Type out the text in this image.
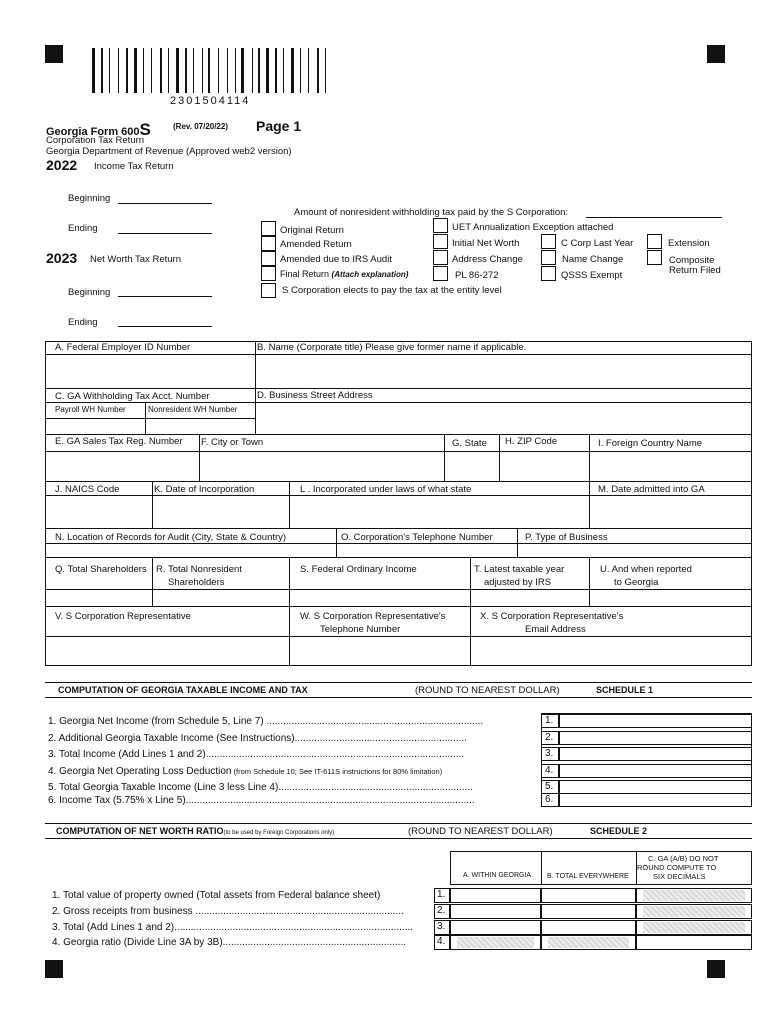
2301504114
Georgia Form 600S	(Rev. 07/20/22) Page 1
Corporation Tax Return
Georgia Department of Revenue (Approved web2 version)
2022 Income Tax Return
Beginning
Ending
2023 Net Worth Tax Return
Beginning
Ending
Amount of nonresident withholding tax paid by the S Corporation:
Original Return
Amended Return
Amended due to IRS Audit
Final Return (Attach explanation)
S Corporation elects to pay the tax at the entity level
UET Annualization Exception attached
Initial Net Worth
Address Change
PL 86-272
C Corp Last Year
Name Change
QSSS Exempt
Extension
Composite
Return Filed
A. Federal Employer ID Number	B. Name (Corporate title) Please give former name if applicable.
C. GA Withholding Tax Acct. Number
Payroll WH Number	Nonresident WH Number
D. Business Street Address
E. GA Sales Tax Reg. Number F. City or Town	G. State H. ZIP Code	I. Foreign Country Name
J. NAICS Code	K. Date of Incorporation	L . Incorporated under laws of what state	M. Date admitted into GA
N. Location of Records for Audit (City, State & Country)	O. Corporation's Telephone Number	P. Type of Business
Q. Total Shareholders R. Total Nonresident
Shareholders
S. Federal Ordinary Income	T. Latest taxable year
adjusted by IRS
U. And when reported
to Georgia
V. S Corporation Representative	W. S Corporation Representative's
Telephone Number
X. S Corporation Representative's
Email Address
COMPUTATION OF GEORGIA TAXABLE INCOME AND TAX	(ROUND TO NEAREST DOLLAR)	SCHEDULE 1
1. Georgia Net Income (from Schedule 5, Line 7) ..............................................................................	1.
2. Additional Georgia Taxable Income (See Instructions)..............................................................	2.
3. Total Income (Add Lines 1 and 2).............................................................................................	3.
4. Georgia Net Operating Loss Deduction (from Schedule 10; See IT-611S instructions for 80% limitation)	4.
5. Total Georgia Taxable Income (Line 3 less Line 4)......................................................................	5.
6. Income Tax (5.75% x Line 5)........................................................................................................	6.
COMPUTATION OF NET WORTH RATIO(to be used by Foreign Corporations only)	(ROUND TO NEAREST DOLLAR)	SCHEDULE 2
A. WITHIN GEORGIA B. TOTAL EVERYWHERE
C. GA (A/B) DO NOT
ROUND COMPUTE TO
SIX DECIMALS
1. Total value of property owned (Total assets from Federal balance sheet)	1.
2. Gross receipts from business ...........................................................................	2.
3. Total (Add Lines 1 and 2)......................................................................................	3.
4. Georgia ratio (Divide Line 3A by 3B)..................................................................	4.
